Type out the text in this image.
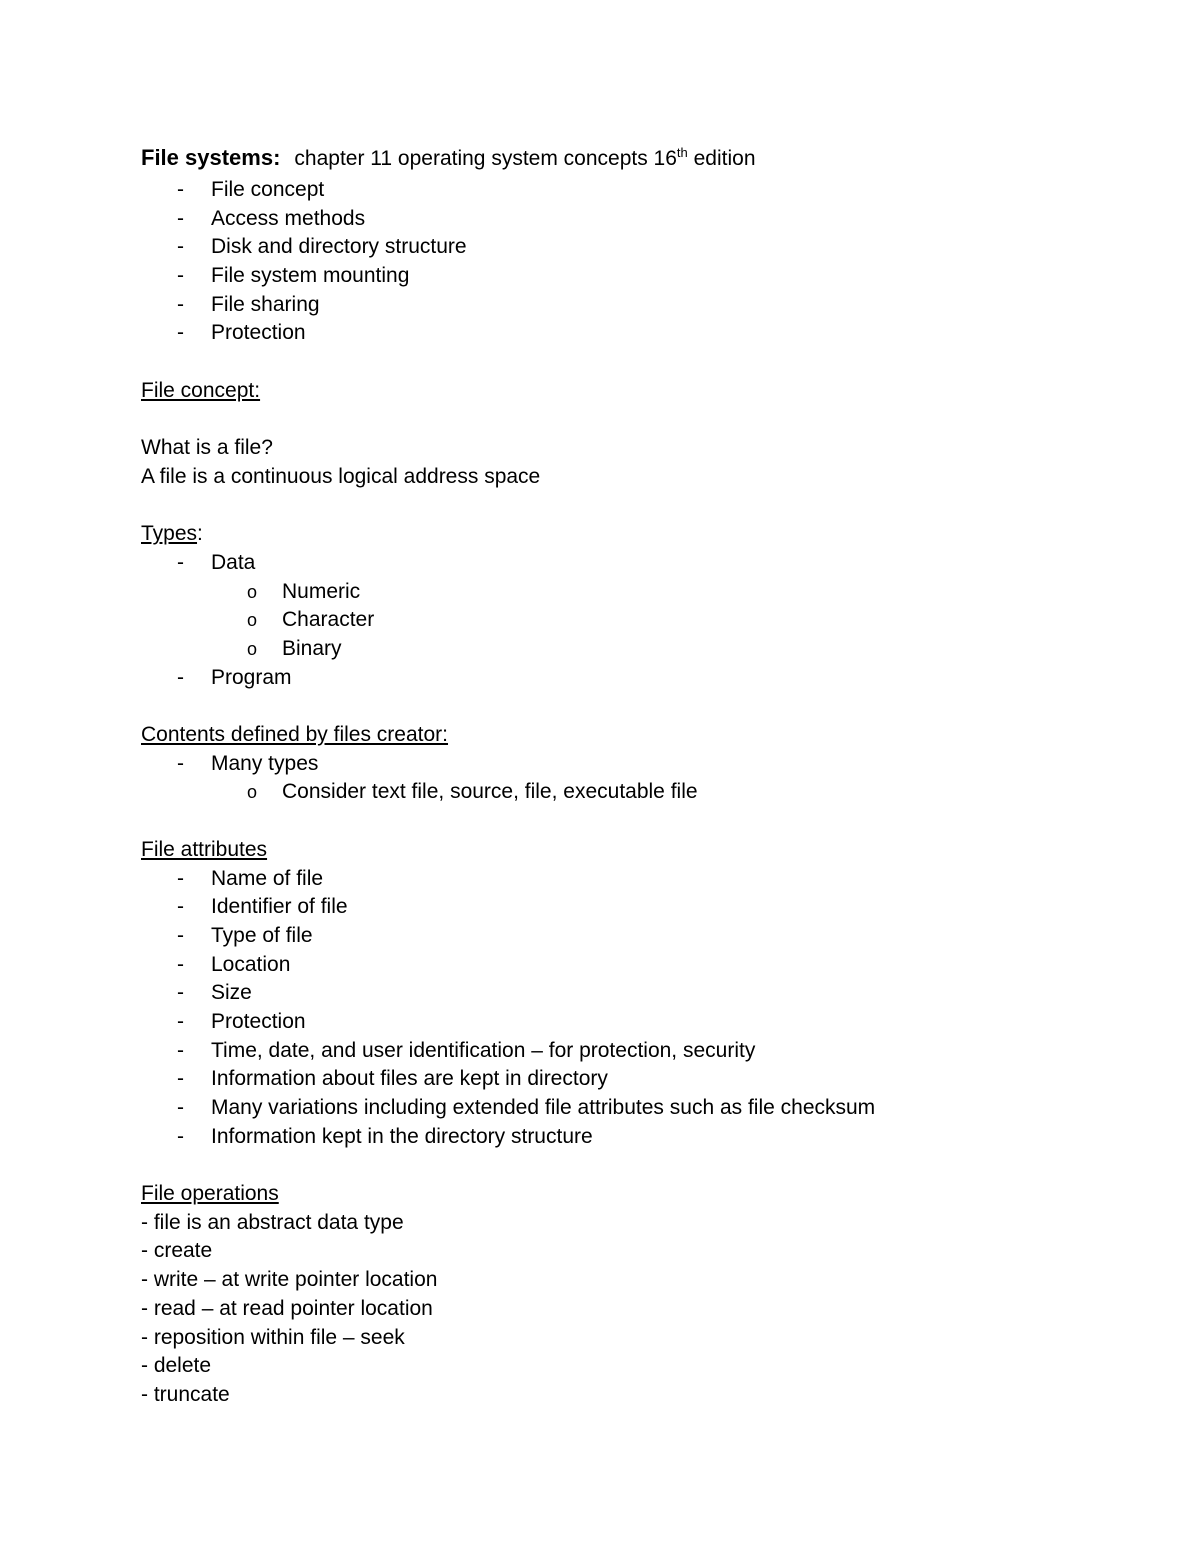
File systems: chapter 11 operating system concepts 16th edition
- File concept
- Access methods
- Disk and directory structure
- File system mounting
- File sharing
- Protection
File concept:
What is a file?
A file is a continuous logical address space
Types:
- Data
o Numeric
o Character
o Binary
- Program
Contents defined by files creator:
- Many types
o Consider text file, source, file, executable file
File attributes
- Name of file
- Identifier of file
- Type of file
- Location
- Size
- Protection
- Time, date, and user identification – for protection, security
- Information about files are kept in directory
- Many variations including extended file attributes such as file checksum
- Information kept in the directory structure
File operations
- file is an abstract data type
- create
- write – at write pointer location
- read – at read pointer location
- reposition within file – seek
- delete
- truncate
